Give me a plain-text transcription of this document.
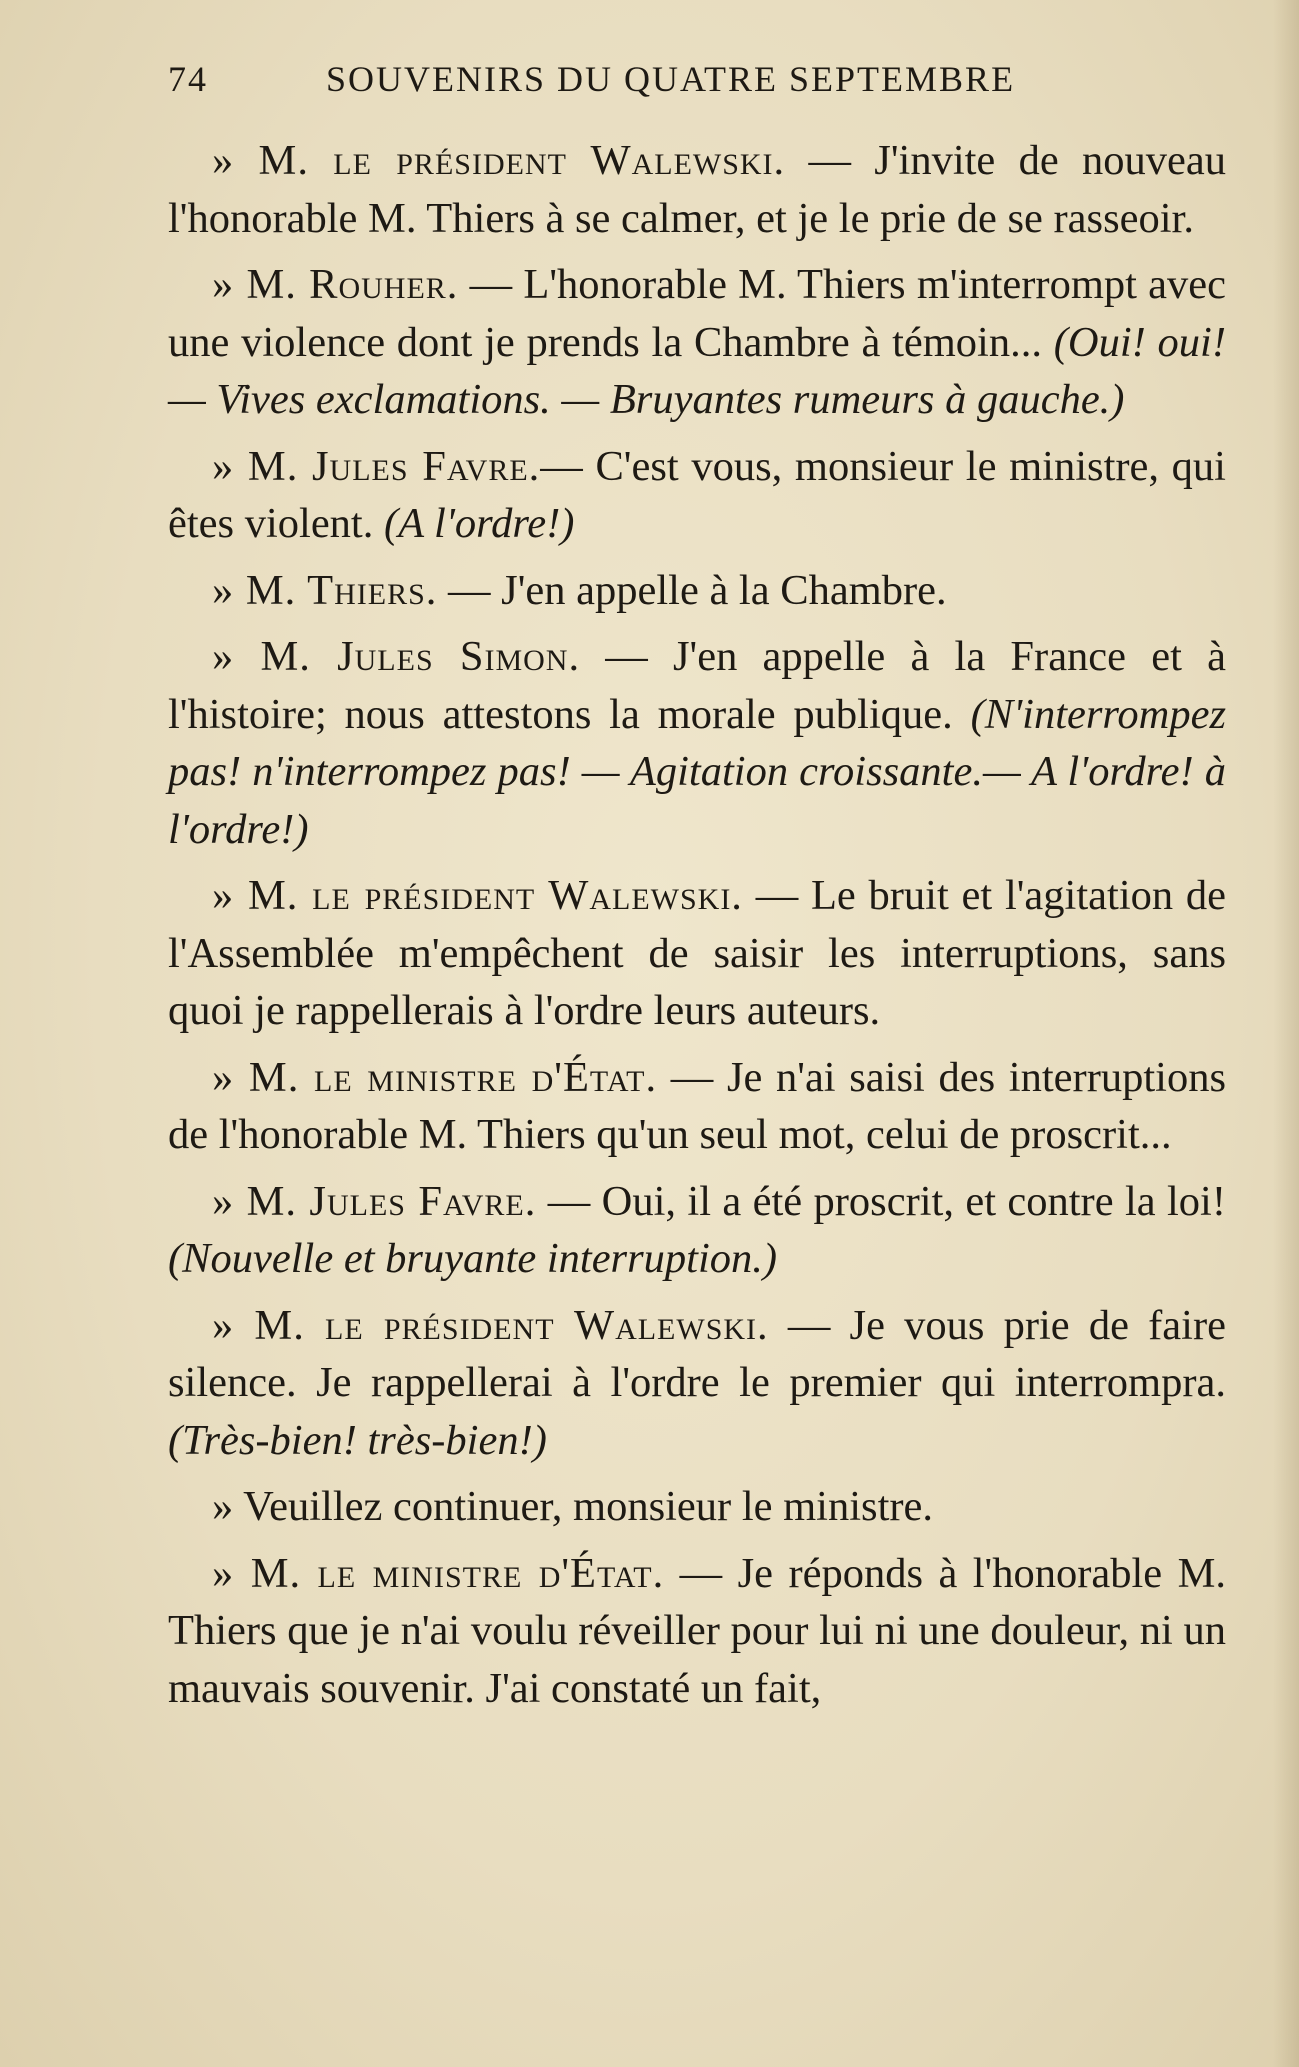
74	SOUVENIRS DU QUATRE SEPTEMBRE

» M. le président Walewski. — J'invite de nouveau l'honorable M. Thiers à se calmer, et je le prie de se rasseoir.

» M. Rouher. — L'honorable M. Thiers m'interrompt avec une violence dont je prends la Chambre à témoin... (Oui! oui! — Vives exclamations. — Bruyantes rumeurs à gauche.)

» M. Jules Favre.— C'est vous, monsieur le ministre, qui êtes violent. (A l'ordre!)

» M. Thiers. — J'en appelle à la Chambre.

» M. Jules Simon. — J'en appelle à la France et à l'histoire; nous attestons la morale publique. (N'interrompez pas! n'interrompez pas! — Agitation croissante.— A l'ordre! à l'ordre!)

» M. le président Walewski. — Le bruit et l'agitation de l'Assemblée m'empêchent de saisir les interruptions, sans quoi je rappellerais à l'ordre leurs auteurs.

» M. le ministre d'État. — Je n'ai saisi des interruptions de l'honorable M. Thiers qu'un seul mot, celui de proscrit...

» M. Jules Favre. — Oui, il a été proscrit, et contre la loi! (Nouvelle et bruyante interruption.)

» M. le président Walewski. — Je vous prie de faire silence. Je rappellerai à l'ordre le premier qui interrompra. (Très-bien! très-bien!)

» Veuillez continuer, monsieur le ministre.

» M. le ministre d'État. — Je réponds à l'honorable M. Thiers que je n'ai voulu réveiller pour lui ni une douleur, ni un mauvais souvenir. J'ai constaté un fait,
